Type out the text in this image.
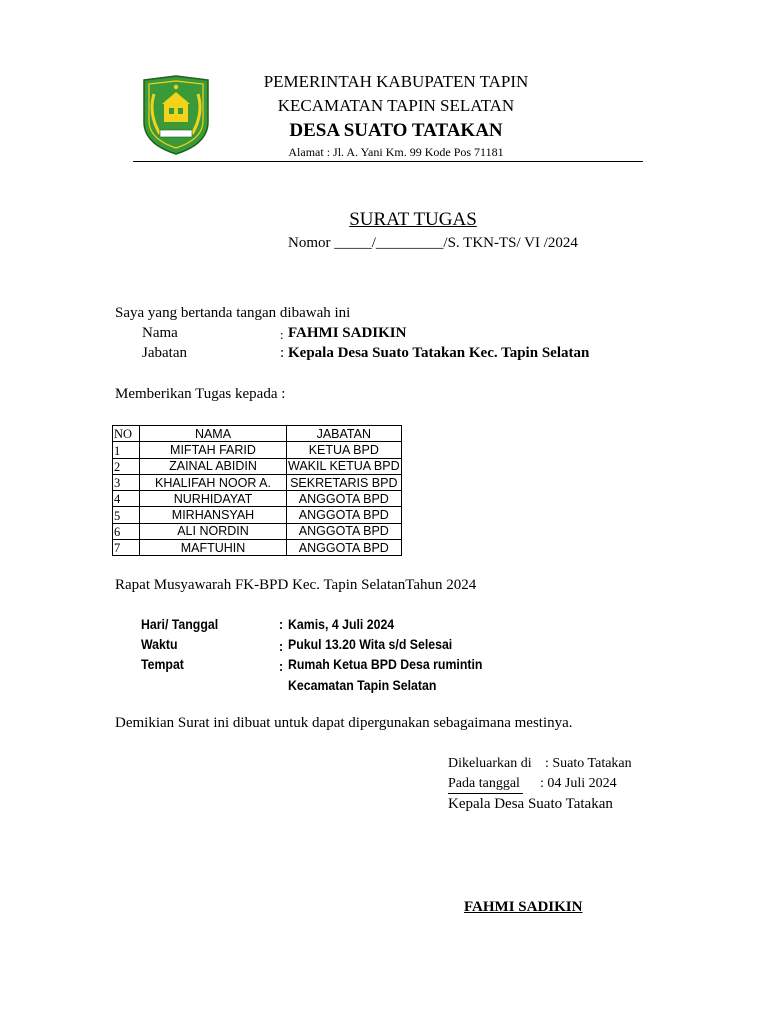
PEMERINTAH KABUPATEN TAPIN
KECAMATAN TAPIN SELATAN
DESA SUATO TATAKAN
Alamat : Jl. A. Yani Km. 99 Kode Pos 71181
SURAT TUGAS
Nomor _____/_________/S. TKN-TS/ VI /2024
Saya yang bertanda tangan dibawah ini
Nama	: FAHMI SADIKIN
Jabatan	: Kepala Desa Suato Tatakan Kec. Tapin Selatan
Memberikan Tugas kepada :
NO	NAMA	JABATAN
1	MIFTAH FARID	KETUA BPD
2	ZAINAL ABIDIN	WAKIL KETUA BPD
3	KHALIFAH NOOR A.	SEKRETARIS BPD
4	NURHIDAYAT	ANGGOTA BPD
5	MIRHANSYAH	ANGGOTA BPD
6	ALI NORDIN	ANGGOTA BPD
7	MAFTUHIN	ANGGOTA BPD
Rapat Musyawarah FK-BPD Kec. Tapin SelatanTahun 2024
Hari/ Tanggal	: Kamis, 4 Juli 2024
Waktu	: Pukul 13.20 Wita s/d Selesai
Tempat	: Rumah Ketua BPD Desa rumintin
Kecamatan Tapin Selatan
Demikian Surat ini dibuat untuk dapat dipergunakan sebagaimana mestinya.
Dikeluarkan di : Suato Tatakan
Pada tanggal : 04 Juli 2024
Kepala Desa Suato Tatakan
FAHMI SADIKIN
